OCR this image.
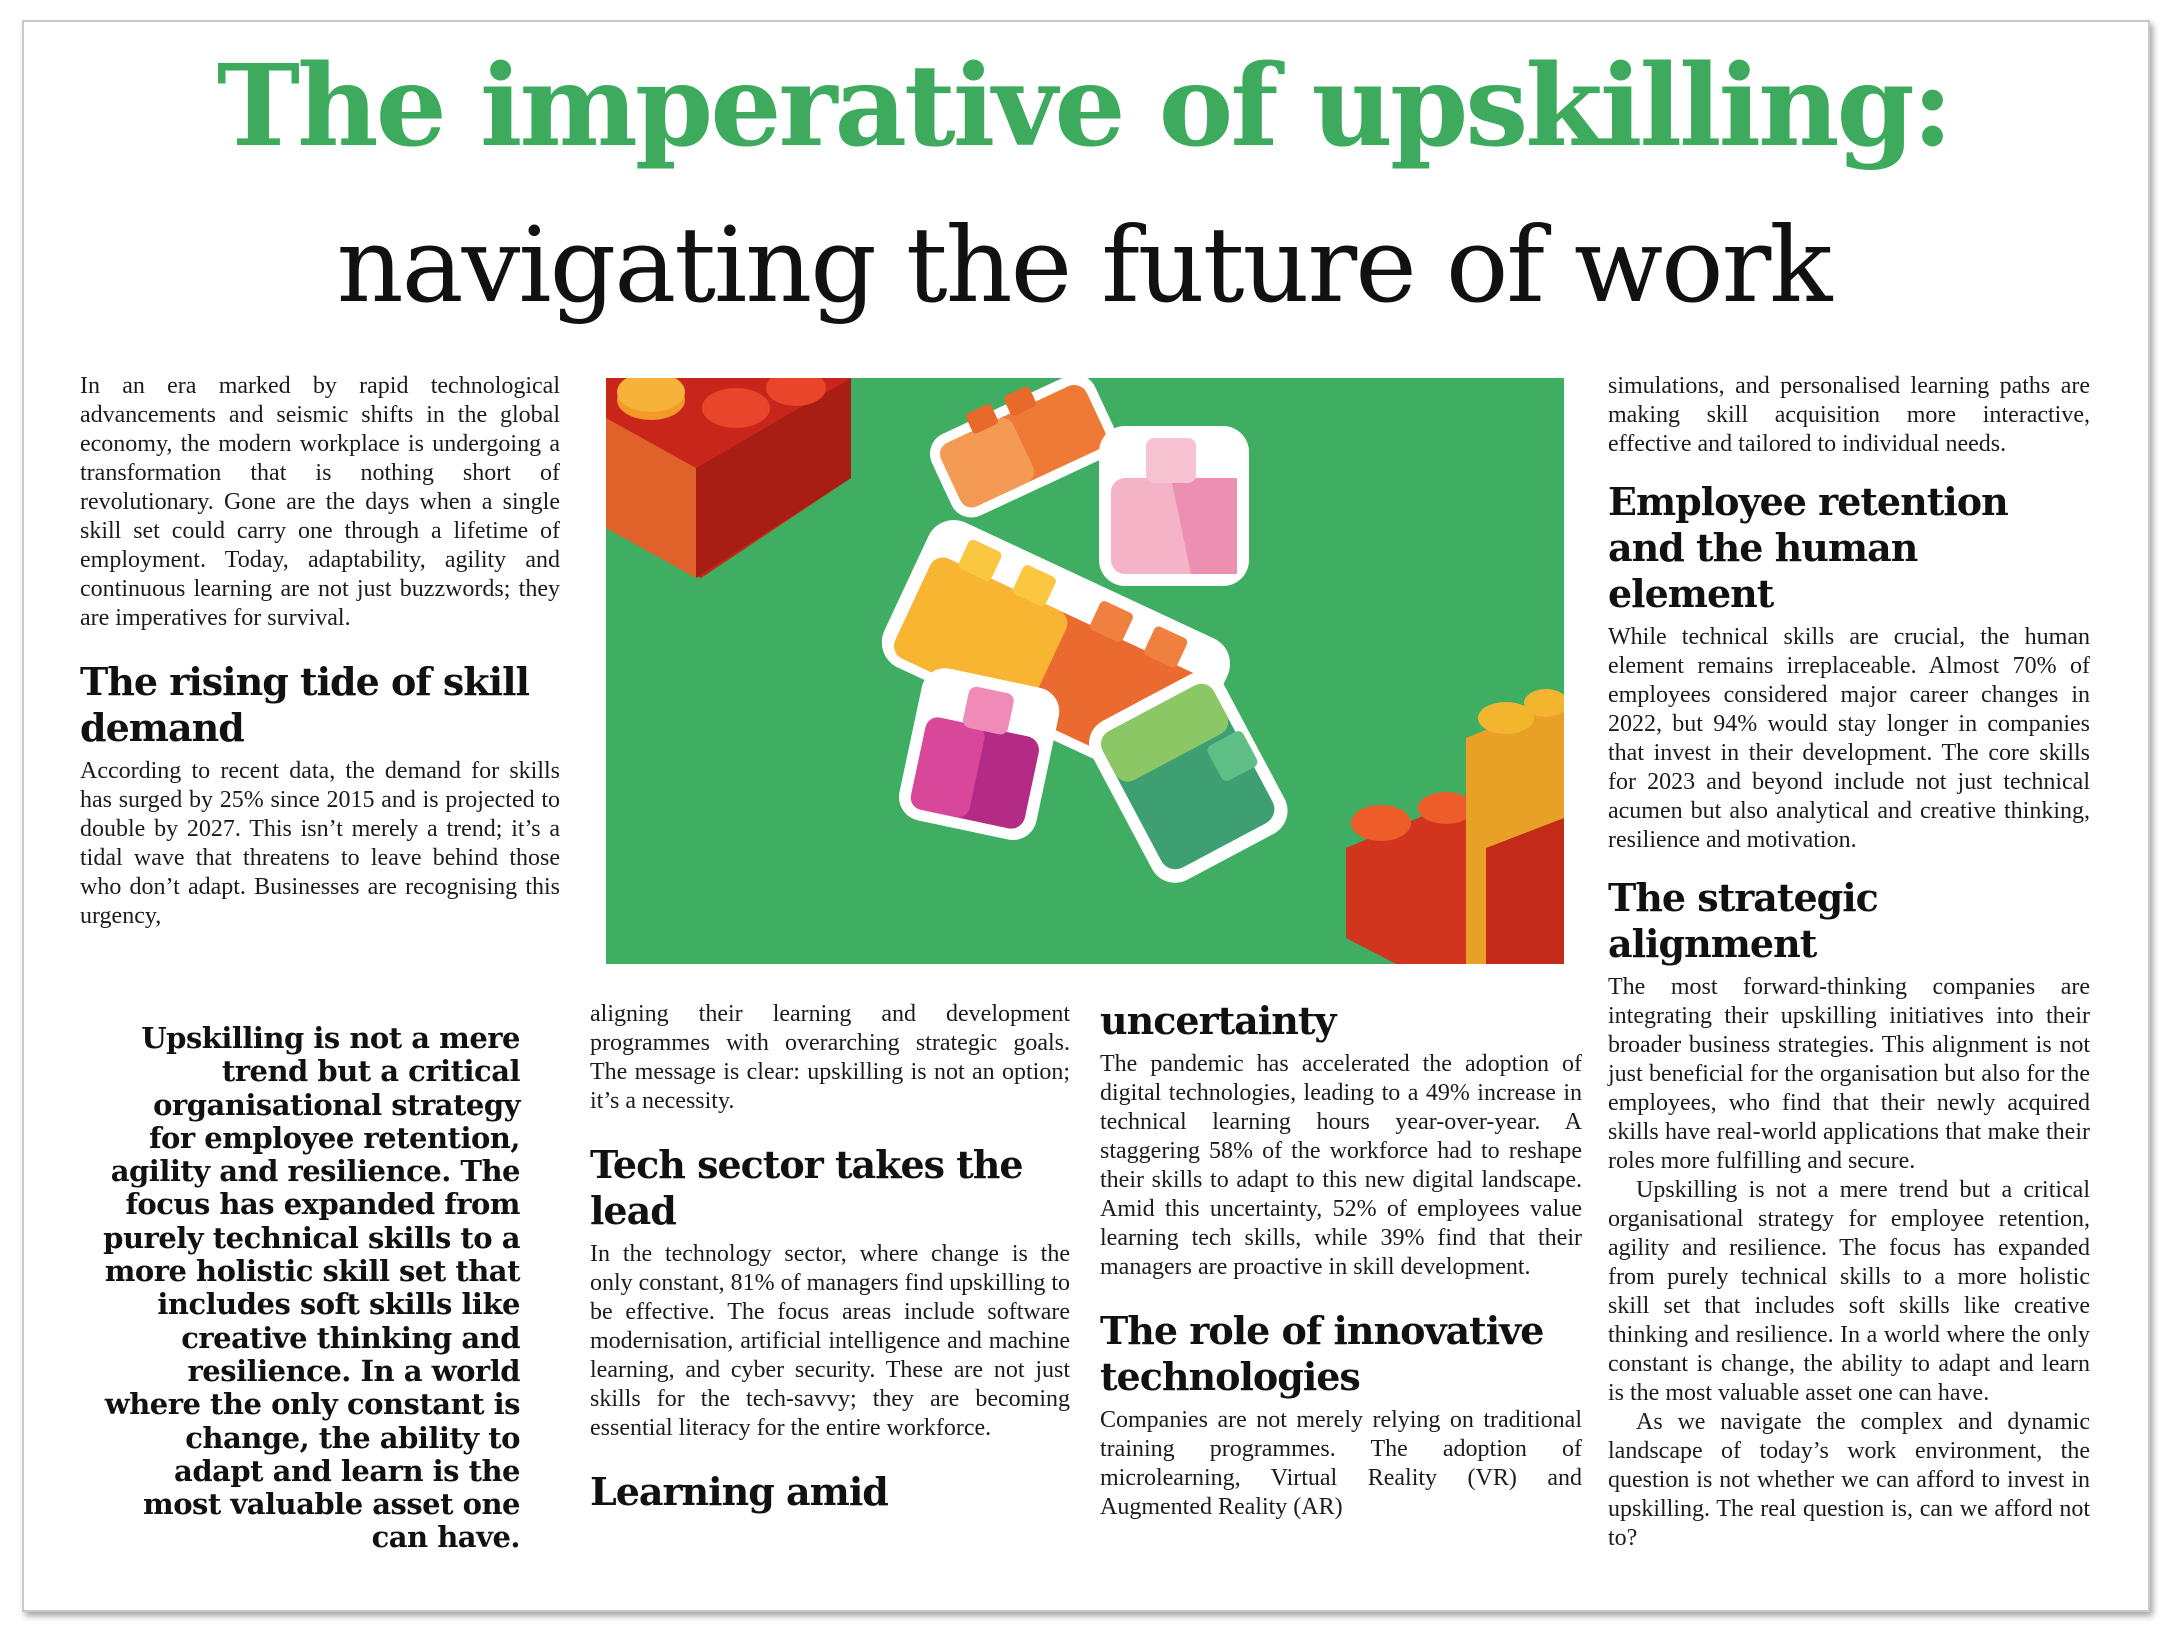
The imperative of upskilling:
navigating the future of work

In an era marked by rapid technological advancements and seismic shifts in the global economy, the modern workplace is undergoing a transformation that is nothing short of revolutionary. Gone are the days when a single skill set could carry one through a lifetime of employment. Today, adaptability, agility and continuous learning are not just buzzwords; they are imperatives for survival.

The rising tide of skill demand

According to recent data, the demand for skills has surged by 25% since 2015 and is projected to double by 2027. This isn’t merely a trend; it’s a tidal wave that threatens to leave behind those who don’t adapt. Businesses are recognising this urgency,

Upskilling is not a mere trend but a critical organisational strategy for employee retention, agility and resilience. The focus has expanded from purely technical skills to a more holistic skill set that includes soft skills like creative thinking and resilience. In a world where the only constant is change, the ability to adapt and learn is the most valuable asset one can have.

aligning their learning and development programmes with overarching strategic goals. The message is clear: upskilling is not an option; it’s a necessity.

Tech sector takes the lead

In the technology sector, where change is the only constant, 81% of managers find upskilling to be effective. The focus areas include software modernisation, artificial intelligence and machine learning, and cyber security. These are not just skills for the tech-savvy; they are becoming essential literacy for the entire workforce.

Learning amid
uncertainty

The pandemic has accelerated the adoption of digital technologies, leading to a 49% increase in technical learning hours year-over-year. A staggering 58% of the workforce had to reshape their skills to adapt to this new digital landscape. Amid this uncertainty, 52% of employees value learning tech skills, while 39% find that their managers are proactive in skill development.

The role of innovative technologies

Companies are not merely relying on traditional training programmes. The adoption of microlearning, Virtual Reality (VR) and Augmented Reality (AR)

simulations, and personalised learning paths are making skill acquisition more interactive, effective and tailored to individual needs.

Employee retention and the human element

While technical skills are crucial, the human element remains irreplaceable. Almost 70% of employees considered major career changes in 2022, but 94% would stay longer in companies that invest in their development. The core skills for 2023 and beyond include not just technical acumen but also analytical and creative thinking, resilience and motivation.

The strategic alignment

The most forward-thinking companies are integrating their upskilling initiatives into their broader business strategies. This alignment is not just beneficial for the organisation but also for the employees, who find that their newly acquired skills have real-world applications that make their roles more fulfilling and secure.

Upskilling is not a mere trend but a critical organisational strategy for employee retention, agility and resilience. The focus has expanded from purely technical skills to a more holistic skill set that includes soft skills like creative thinking and resilience. In a world where the only constant is change, the ability to adapt and learn is the most valuable asset one can have.

As we navigate the complex and dynamic landscape of today’s work environment, the question is not whether we can afford to invest in upskilling. The real question is, can we afford not to?
